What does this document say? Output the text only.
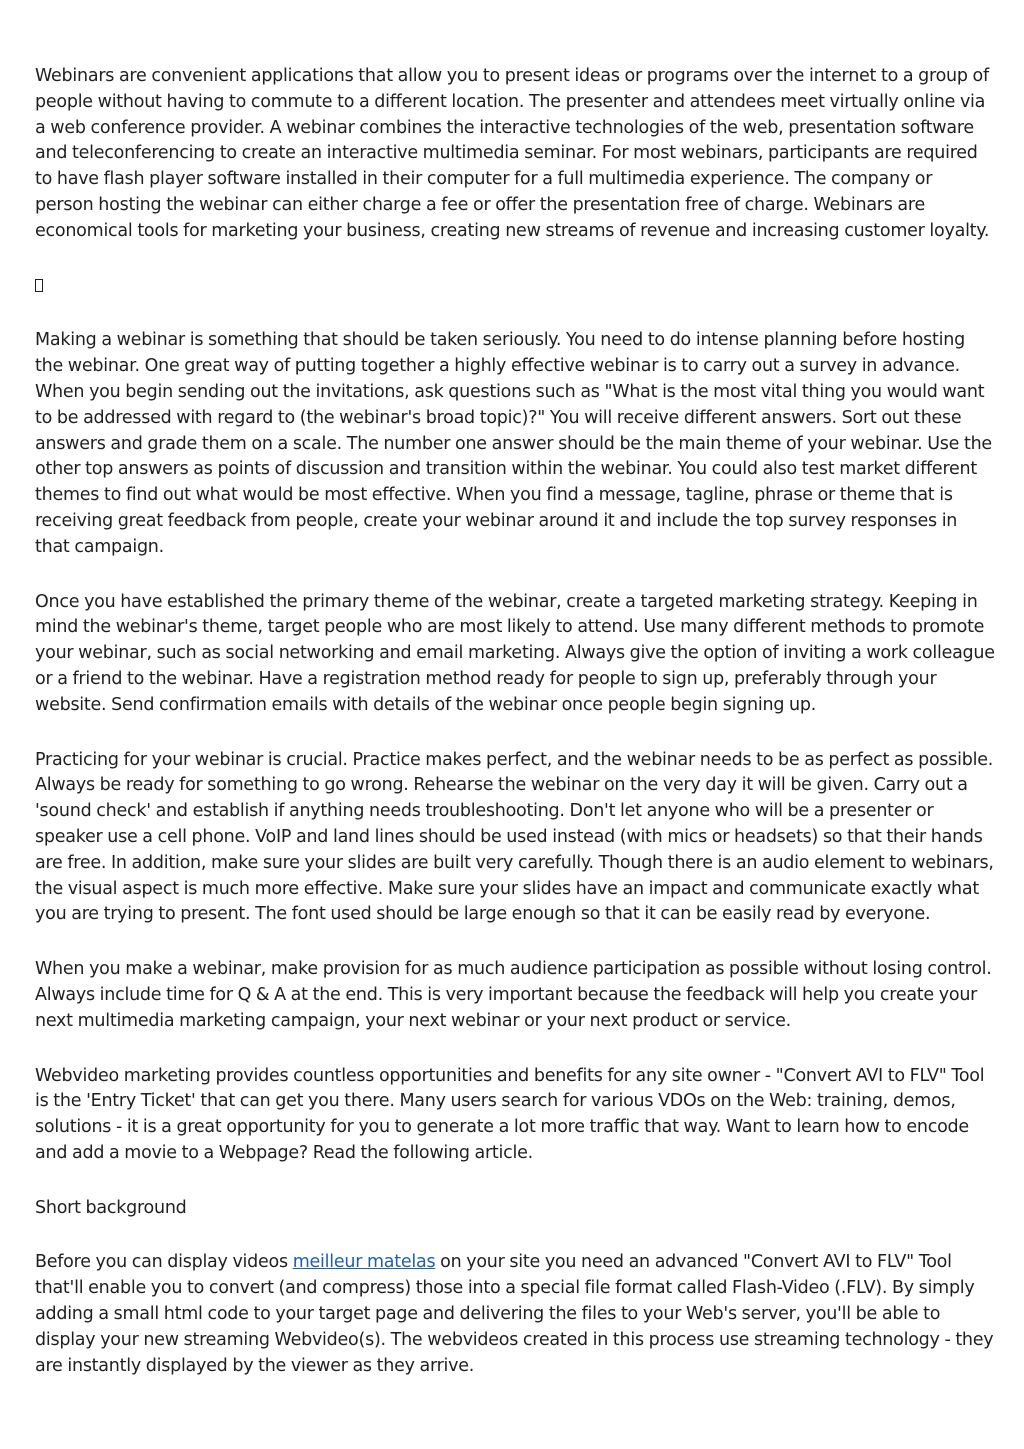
Webinars are convenient applications that allow you to present ideas or programs over the internet to a group of people without having to commute to a different location. The presenter and attendees meet virtually online via a web conference provider. A webinar combines the interactive technologies of the web, presentation software and teleconferencing to create an interactive multimedia seminar. For most webinars, participants are required to have flash player software installed in their computer for a full multimedia experience. The company or person hosting the webinar can either charge a fee or offer the presentation free of charge. Webinars are economical tools for marketing your business, creating new streams of revenue and increasing customer loyalty.

Making a webinar is something that should be taken seriously. You need to do intense planning before hosting the webinar. One great way of putting together a highly effective webinar is to carry out a survey in advance. When you begin sending out the invitations, ask questions such as "What is the most vital thing you would want to be addressed with regard to (the webinar's broad topic)?" You will receive different answers. Sort out these answers and grade them on a scale. The number one answer should be the main theme of your webinar. Use the other top answers as points of discussion and transition within the webinar. You could also test market different themes to find out what would be most effective. When you find a message, tagline, phrase or theme that is receiving great feedback from people, create your webinar around it and include the top survey responses in that campaign.

Once you have established the primary theme of the webinar, create a targeted marketing strategy. Keeping in mind the webinar's theme, target people who are most likely to attend. Use many different methods to promote your webinar, such as social networking and email marketing. Always give the option of inviting a work colleague or a friend to the webinar. Have a registration method ready for people to sign up, preferably through your website. Send confirmation emails with details of the webinar once people begin signing up.

Practicing for your webinar is crucial. Practice makes perfect, and the webinar needs to be as perfect as possible. Always be ready for something to go wrong. Rehearse the webinar on the very day it will be given. Carry out a 'sound check' and establish if anything needs troubleshooting. Don't let anyone who will be a presenter or speaker use a cell phone. VoIP and land lines should be used instead (with mics or headsets) so that their hands are free. In addition, make sure your slides are built very carefully. Though there is an audio element to webinars, the visual aspect is much more effective. Make sure your slides have an impact and communicate exactly what you are trying to present. The font used should be large enough so that it can be easily read by everyone.

When you make a webinar, make provision for as much audience participation as possible without losing control. Always include time for Q & A at the end. This is very important because the feedback will help you create your next multimedia marketing campaign, your next webinar or your next product or service.

Webvideo marketing provides countless opportunities and benefits for any site owner - "Convert AVI to FLV" Tool is the 'Entry Ticket' that can get you there. Many users search for various VDOs on the Web: training, demos, solutions - it is a great opportunity for you to generate a lot more traffic that way. Want to learn how to encode and add a movie to a Webpage? Read the following article.

Short background

Before you can display videos meilleur matelas on your site you need an advanced "Convert AVI to FLV" Tool that'll enable you to convert (and compress) those into a special file format called Flash-Video (.FLV). By simply adding a small html code to your target page and delivering the files to your Web's server, you'll be able to display your new streaming Webvideo(s). The webvideos created in this process use streaming technology - they are instantly displayed by the viewer as they arrive.
